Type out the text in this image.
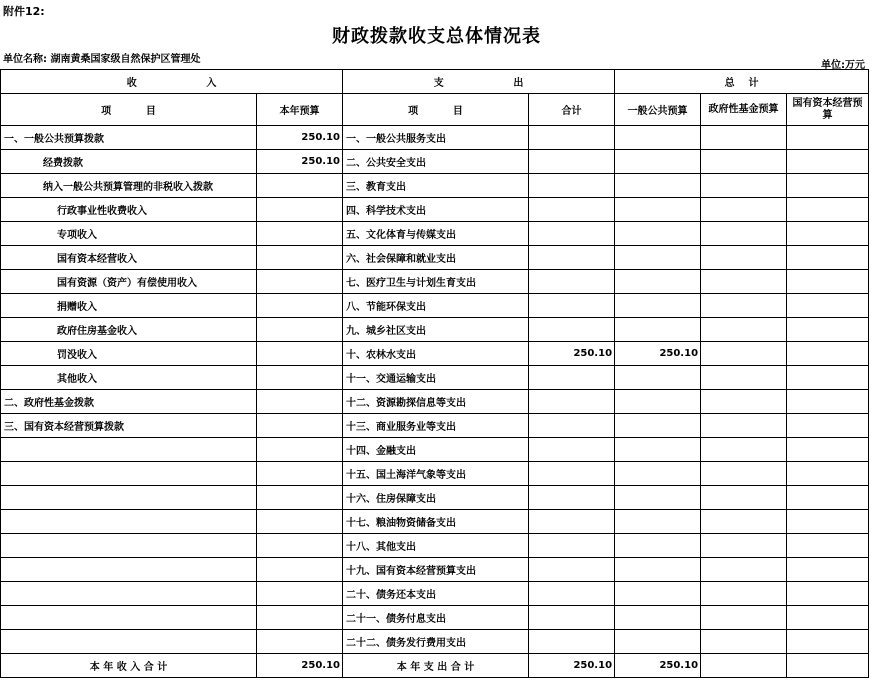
附件12:
财政拨款收支总体情况表
单位名称: 湖南黄桑国家级自然保护区管理处
单位:万元
收                    入		支                    出		总    计		
项          目	本年预算	项          目	合计	一般公共预算	政府性基金预算	国有资本经营预算
一、一般公共预算拨款	250.10	一、一般公共服务支出				
经费拨款	250.10	二、公共安全支出				
纳入一般公共预算管理的非税收入拨款		三、教育支出				
行政事业性收费收入		四、科学技术支出				
专项收入		五、文化体育与传媒支出				
国有资本经营收入		六、社会保障和就业支出				
国有资源（资产）有偿使用收入		七、医疗卫生与计划生育支出				
捐赠收入		八、节能环保支出				
政府住房基金收入		九、城乡社区支出				
罚没收入		十、农林水支出	250.10	250.10		
其他收入		十一、交通运输支出				
二、政府性基金拨款		十二、资源勘探信息等支出				
三、国有资本经营预算拨款		十三、商业服务业等支出				
		十四、金融支出				
		十五、国土海洋气象等支出				
		十六、住房保障支出				
		十七、粮油物资储备支出				
		十八、其他支出				
		十九、国有资本经营预算支出				
		二十、债务还本支出				
		二十一、债务付息支出				
		二十二、债务发行费用支出				
本 年 收 入 合 计	250.10	本 年 支 出 合 计	250.10	250.10		
